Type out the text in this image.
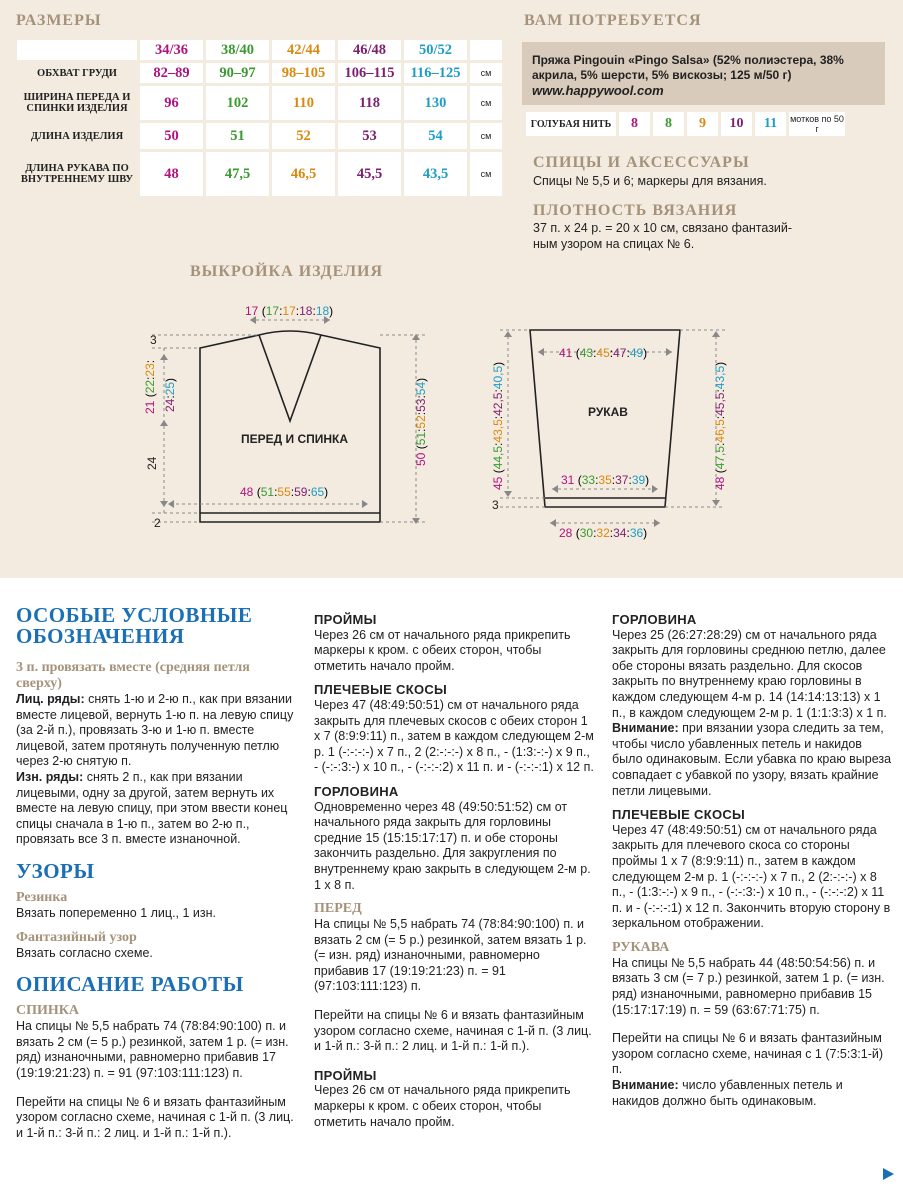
РАЗМЕРЫ
	34/36	38/40	42/44	46/48	50/52	
ОБХВАТ ГРУДИ	82–89	90–97	98–105	106–115	116–125	см
ШИРИНА ПЕРЕДА И СПИНКИ ИЗДЕЛИЯ	96	102	110	118	130	см
ДЛИНА ИЗДЕЛИЯ	50	51	52	53	54	см
ДЛИНА РУКАВА ПО ВНУТРЕННЕМУ ШВУ	48	47,5	46,5	45,5	43,5	см
ВАМ ПОТРЕБУЕТСЯ
Пряжа Pingouin «Pingo Salsa» (52% полиэстера, 38% акрила, 5% шерсти, 5% вискозы; 125 м/50 г)
www.happywool.com
ГОЛУБАЯ НИТЬ	8	8	9	10	11	мотков по 50 г
СПИЦЫ И АКСЕССУАРЫ
Спицы № 5,5 и 6; маркеры для вязания.
ПЛОТНОСТЬ ВЯЗАНИЯ
37 п. х 24 р. = 20 х 10 см, связано фантазий-
ным узором на спицах № 6.
ВЫКРОЙКА ИЗДЕЛИЯ
ПЕРЕД И СПИНКА
17 (17:17:18:18)
48 (51:55:59:65)
3
2
21 (22:23:
24:25)
24	50 (51:52:53:54)
РУКАВ
41 (43:45:47:49)
31 (33:35:37:39)
28 (30:32:34:36)
3
45 (44,5:43,5:42,5:40,5)
48 (47,5:46,5:45,5:43,5)
ОСОБЫЕ УСЛОВНЫЕ
ОБОЗНАЧЕНИЯ
3 п. провязать вместе (средняя петля сверху)

Лиц. ряды: снять 1-ю и 2-ю п., как при вязании вместе лицевой, вернуть 1-ю п. на левую спицу (за 2-й п.), провязать 3-ю и 1-ю п. вместе лицевой, затем протянуть полученную петлю через 2-ю снятую п.

Изн. ряды: снять 2 п., как при вязании лицевыми, одну за другой, затем вернуть их вместе на левую спицу, при этом ввести конец спицы сначала в 1-ю п., затем во 2-ю п., провязать все 3 п. вместе изнаночной.

УЗОРЫ
Резинка

Вязать попеременно 1 лиц., 1 изн.

Фантазийный узор

Вязать согласно схеме.

ОПИСАНИЕ РАБОТЫ
СПИНКА

На спицы № 5,5 набрать 74 (78:84:90:100) п. и вязать 2 см (= 5 р.) резинкой, затем 1 р. (= изн. ряд) изнаночными, равномерно прибавив 17 (19:19:21:23) п. = 91 (97:103:111:123) п.

Перейти на спицы № 6 и вязать фантазийным узором согласно схеме, начиная с 1-й п. (3 лиц. и 1-й п.: 3-й п.: 2 лиц. и 1-й п.: 1-й п.).

ПРОЙМЫ

Через 26 см от начального ряда прикрепить маркеры к кром. с обеих сторон, чтобы отметить начало пройм.

ПЛЕЧЕВЫЕ СКОСЫ

Через 47 (48:49:50:51) см от начального ряда закрыть для плечевых скосов с обеих сторон 1 х 7 (8:9:9:11) п., затем в каждом следующем 2-м р. 1 (-:-:-:-) х 7 п., 2 (2:-:-:-) х 8 п., - (1:3:-:-) х 9 п., - (-:-:3:-) х 10 п., - (-:-:-:2) х 11 п. и - (-:-:-:1) х 12 п.

ГОРЛОВИНА

Одновременно через 48 (49:50:51:52) см от начального ряда закрыть для горловины средние 15 (15:15:17:17) п. и обе стороны закончить раздельно. Для закругления по внутреннему краю закрыть в следующем 2-м р. 1 х 8 п.

ПЕРЕД

На спицы № 5,5 набрать 74 (78:84:90:100) п. и вязать 2 см (= 5 р.) резинкой, затем вязать 1 р. (= изн. ряд) изнаночными, равномерно прибавив 17 (19:19:21:23) п. = 91 (97:103:111:123) п.

Перейти на спицы № 6 и вязать фантазийным узором согласно схеме, начиная с 1-й п. (3 лиц. и 1-й п.: 3-й п.: 2 лиц. и 1-й п.: 1-й п.).

ПРОЙМЫ

Через 26 см от начального ряда прикрепить маркеры к кром. с обеих сторон, чтобы отметить начало пройм.

ГОРЛОВИНА

Через 25 (26:27:28:29) см от начального ряда закрыть для горловины среднюю петлю, далее обе стороны вязать раздельно. Для скосов закрыть по внутреннему краю горловины в каждом следующем 4-м р. 14 (14:14:13:13) х 1 п., в каждом следующем 2-м р. 1 (1:1:3:3) х 1 п.

Внимание: при вязании узора следить за тем, чтобы число убавленных петель и накидов было одинаковым. Если убавка по краю выреза совпадает с убавкой по узору, вязать крайние петли лицевыми.

ПЛЕЧЕВЫЕ СКОСЫ

Через 47 (48:49:50:51) см от начального ряда закрыть для плечевого скоса со стороны проймы 1 х 7 (8:9:9:11) п., затем в каждом следующем 2-м р. 1 (-:-:-:-) х 7 п., 2 (2:-:-:-) х 8 п., - (1:3:-:-) х 9 п., - (-:-:3:-) х 10 п., - (-:-:-:2) х 11 п. и - (-:-:-:1) х 12 п. Закончить вторую сторону в зеркальном отображении.

РУКАВА

На спицы № 5,5 набрать 44 (48:50:54:56) п. и вязать 3 см (= 7 р.) резинкой, затем 1 р. (= изн. ряд) изнаночными, равномерно прибавив 15 (15:17:17:19) п. = 59 (63:67:71:75) п.

Перейти на спицы № 6 и вязать фантазийным узором согласно схеме, начиная с 1 (7:5:3:1-й) п.

Внимание: число убавленных петель и накидов должно быть одинаковым.
